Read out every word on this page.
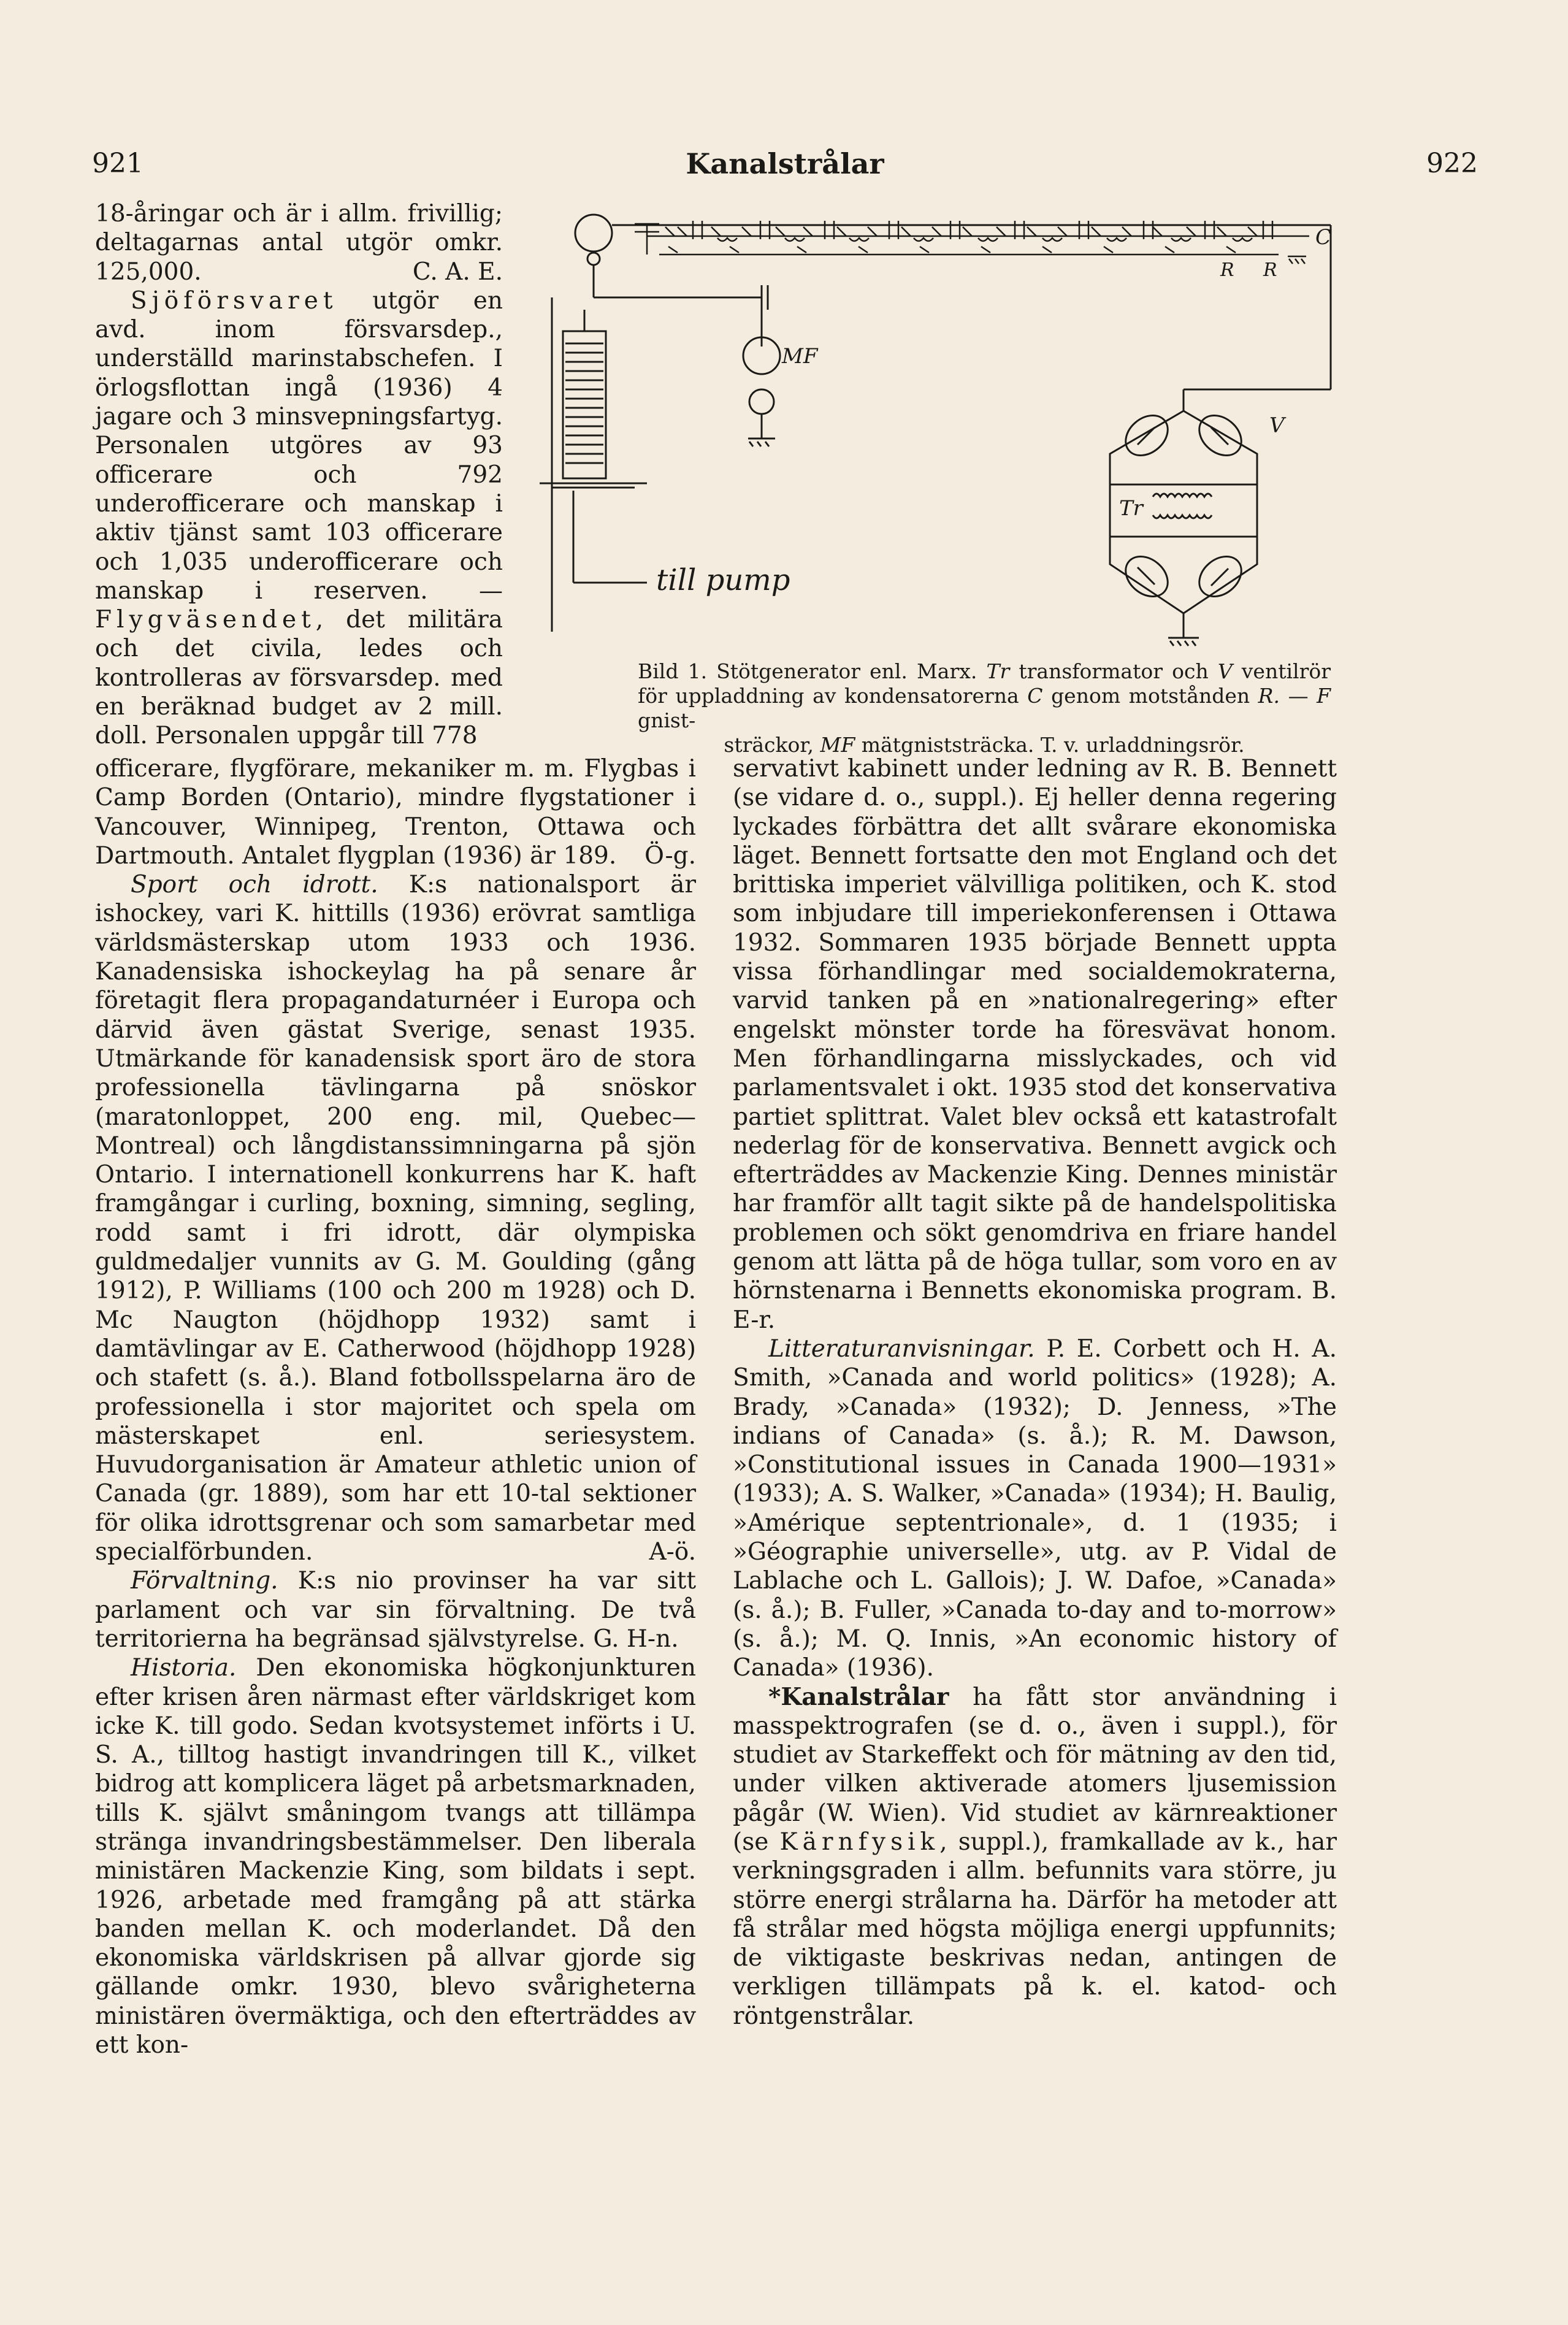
921	Kanalstrålar	922

18-åringar och är i allm. frivillig; deltagarnas antal utgör omkr. 125,000.	C. A. E.

Sjöförsvaret utgör en avd. inom försvarsdep., underställd marinstabschefen. I örlogsflottan ingå (1936) 4 jagare och 3 minsvepningsfartyg. Personalen utgöres av 93 officerare och 792 underofficerare och manskap i aktiv tjänst samt 103 officerare och 1,035 underofficerare och manskap i reserven. — Flygväsendet, det militära och det civila, ledes och kontrolleras av försvarsdep. med en beräknad budget av 2 mill. doll. Personalen uppgår till 778

C
R R
till pump
MF
V
Tr
Bild 1. Stötgenerator enl. Marx. Tr transformator och V ventilrör för uppladdning av kondensatorerna C genom motstånden R. — F gnist-
sträckor, MF mätgniststräcka. T. v. urladdningsrör.

officerare, flygförare, mekaniker m. m. Flygbas i Camp Borden (Ontario), mindre flygstationer i Vancouver, Winnipeg, Trenton, Ottawa och Dartmouth. Antalet flygplan (1936) är 189. Ö-g.

Sport och idrott. K:s nationalsport är ishockey, vari K. hittills (1936) erövrat samtliga världsmästerskap utom 1933 och 1936. Kanadensiska ishockeylag ha på senare år företagit flera propagandaturnéer i Europa och därvid även gästat Sverige, senast 1935. Utmärkande för kanadensisk sport äro de stora professionella tävlingarna på snöskor (maratonloppet, 200 eng. mil, Quebec—Montreal) och långdistanssimningarna på sjön Ontario. I internationell konkurrens har K. haft framgångar i curling, boxning, simning, segling, rodd samt i fri idrott, där olympiska guldmedaljer vunnits av G. M. Goulding (gång 1912), P. Williams (100 och 200 m 1928) och D. Mc Naugton (höjdhopp 1932) samt i damtävlingar av E. Catherwood (höjdhopp 1928) och stafett (s. å.). Bland fotbollsspelarna äro de professionella i stor majoritet och spela om mästerskapet enl. seriesystem. Huvudorganisation är Amateur athletic union of Canada (gr. 1889), som har ett 10-tal sektioner för olika idrottsgrenar och som samarbetar med specialförbunden.	A-ö.

Förvaltning. K:s nio provinser ha var sitt parlament och var sin förvaltning. De två territorierna ha begränsad självstyrelse. G. H-n.

Historia. Den ekonomiska högkonjunkturen efter krisen åren närmast efter världskriget kom icke K. till godo. Sedan kvotsystemet införts i U. S. A., tilltog hastigt invandringen till K., vilket bidrog att komplicera läget på arbetsmarknaden, tills K. självt småningom tvangs att tillämpa stränga invandringsbestämmelser. Den liberala ministären Mackenzie King, som bildats i sept. 1926, arbetade med framgång på att stärka banden mellan K. och moderlandet. Då den ekonomiska världskrisen på allvar gjorde sig gällande omkr. 1930, blevo svårigheterna ministären övermäktiga, och den efterträddes av ett kon-

servativt kabinett under ledning av R. B. Bennett (se vidare d. o., suppl.). Ej heller denna regering lyckades förbättra det allt svårare ekonomiska läget. Bennett fortsatte den mot England och det brittiska imperiet välvilliga politiken, och K. stod som inbjudare till imperiekonferensen i Ottawa 1932. Sommaren 1935 började Bennett uppta vissa förhandlingar med socialdemokraterna, varvid tanken på en »nationalregering» efter engelskt mönster torde ha föresvävat honom. Men förhandlingarna misslyckades, och vid parlamentsvalet i okt. 1935 stod det konservativa partiet splittrat. Valet blev också ett katastrofalt nederlag för de konservativa. Bennett avgick och efterträddes av Mackenzie King. Dennes ministär har framför allt tagit sikte på de handelspolitiska problemen och sökt genomdriva en friare handel genom att lätta på de höga tullar, som voro en av hörnstenarna i Bennetts ekonomiska program. B. E-r.

Litteraturanvisningar. P. E. Corbett och H. A. Smith, »Canada and world politics» (1928); A. Brady, »Canada» (1932); D. Jenness, »The indians of Canada» (s. å.); R. M. Dawson, »Constitutional issues in Canada 1900—1931» (1933); A. S. Walker, »Canada» (1934); H. Baulig, »Amérique septentrionale», d. 1 (1935; i »Géographie universelle», utg. av P. Vidal de Lablache och L. Gallois); J. W. Dafoe, »Canada» (s. å.); B. Fuller, »Canada to-day and to-morrow» (s. å.); M. Q. Innis, »An economic history of Canada» (1936).

*Kanalstrålar ha fått stor användning i masspektrografen (se d. o., även i suppl.), för studiet av Starkeffekt och för mätning av den tid, under vilken aktiverade atomers ljusemission pågår (W. Wien). Vid studiet av kärnreaktioner (se Kärnfysik, suppl.), framkallade av k., har verkningsgraden i allm. befunnits vara större, ju större energi strålarna ha. Därför ha metoder att få strålar med högsta möjliga energi uppfunnits; de viktigaste beskrivas nedan, antingen de verkligen tillämpats på k. el. katod- och röntgenstrålar.
